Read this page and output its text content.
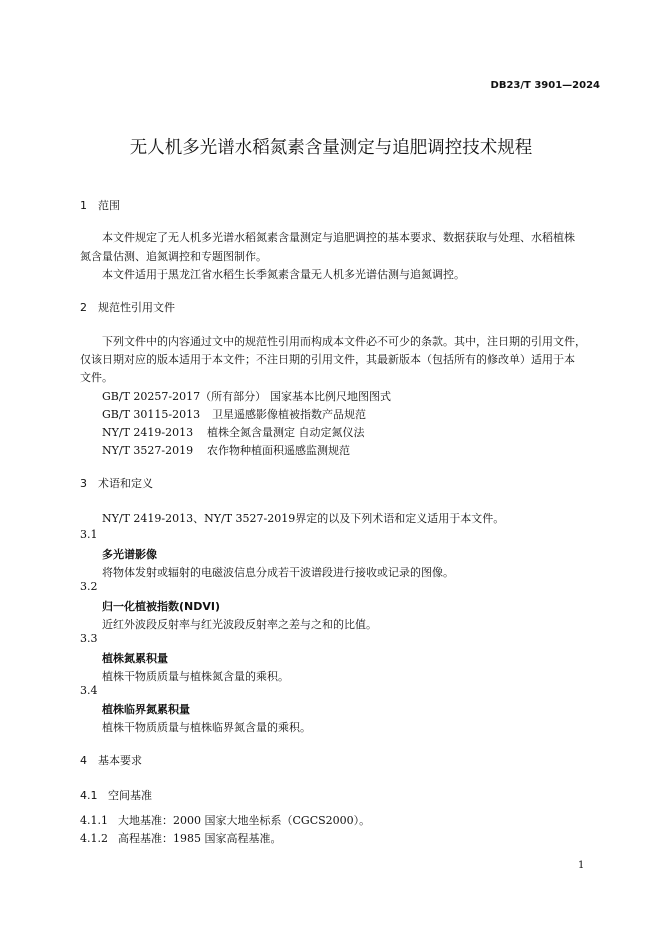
DB23/T 3901—2024
无人机多光谱水稻氮素含量测定与追肥调控技术规程
1 范围
本文件规定了无人机多光谱水稻氮素含量测定与追肥调控的基本要求、数据获取与处理、水稻植株
氮含量估测、追氮调控和专题图制作。
本文件适用于黑龙江省水稻生长季氮素含量无人机多光谱估测与追氮调控。
2 规范性引用文件
下列文件中的内容通过文中的规范性引用而构成本文件必不可少的条款。其中，注日期的引用文件，
仅该日期对应的版本适用于本文件；不注日期的引用文件，其最新版本（包括所有的修改单）适用于本
文件。
GB/T 20257-2017（所有部分） 国家基本比例尺地图图式
GB/T 30115-2013 卫星遥感影像植被指数产品规范
NY/T 2419-2013 植株全氮含量测定 自动定氮仪法
NY/T 3527-2019 农作物种植面积遥感监测规范
3 术语和定义
NY/T 2419-2013、NY/T 3527-2019界定的以及下列术语和定义适用于本文件。
3.1
多光谱影像
将物体发射或辐射的电磁波信息分成若干波谱段进行接收或记录的图像。
3.2
归一化植被指数(NDVI)
近红外波段反射率与红光波段反射率之差与之和的比值。
3.3
植株氮累积量
植株干物质质量与植株氮含量的乘积。
3.4
植株临界氮累积量
植株干物质质量与植株临界氮含量的乘积。
4 基本要求
4.1 空间基准
4.1.1 大地基准：2000 国家大地坐标系（CGCS2000）。
4.1.2 高程基准：1985 国家高程基准。
1
